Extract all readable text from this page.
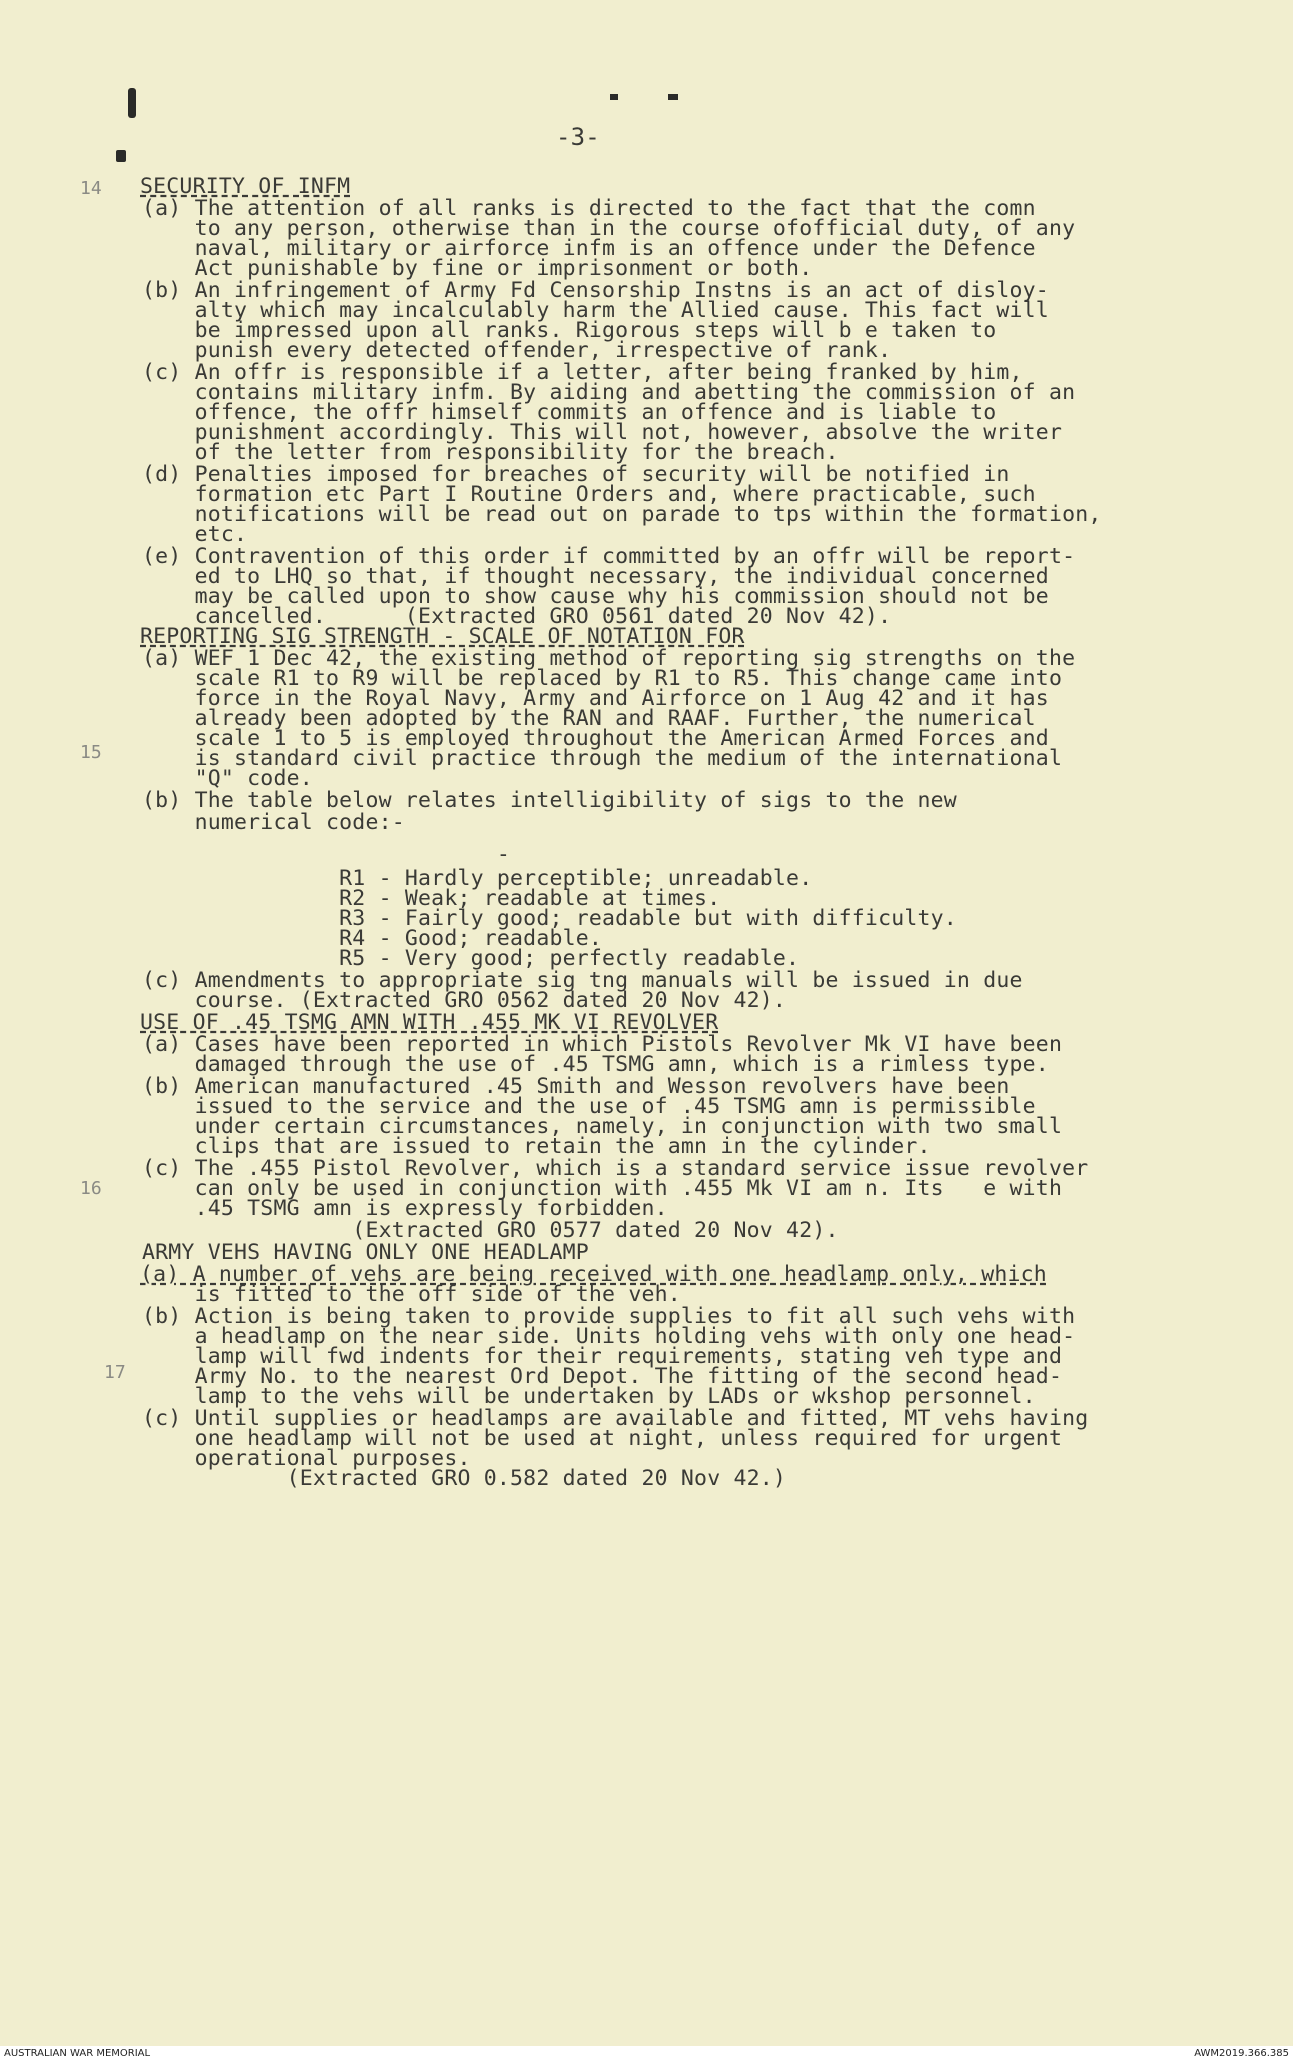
-3-
14
15
16
17
SECURITY OF INFM
(a) The attention of all ranks is directed to the fact that the comn
to any person, otherwise than in the course ofofficial duty, of any
naval, military or airforce infm is an offence under the Defence
Act punishable by fine or imprisonment or both.
(b) An infringement of Army Fd Censorship Instns is an act of disloy-
alty which may incalculably harm the Allied cause. This fact will
be impressed upon all ranks. Rigorous steps will b e taken to
punish every detected offender, irrespective of rank.
(c) An offr is responsible if a letter, after being franked by him,
contains military infm. By aiding and abetting the commission of an
offence, the offr himself commits an offence and is liable to
punishment accordingly. This will not, however, absolve the writer
of the letter from responsibility for the breach.
(d) Penalties imposed for breaches of security will be notified in
formation etc Part I Routine Orders and, where practicable, such
notifications will be read out on parade to tps within the formation,
etc.
(e) Contravention of this order if committed by an offr will be report-
ed to LHQ so that, if thought necessary, the individual concerned
may be called upon to show cause why his commission should not be
cancelled.      (Extracted GRO 0561 dated 20 Nov 42).
REPORTING SIG STRENGTH - SCALE OF NOTATION FOR
(a) WEF 1 Dec 42, the existing method of reporting sig strengths on the
scale R1 to R9 will be replaced by R1 to R5. This change came into
force in the Royal Navy, Army and Airforce on 1 Aug 42 and it has
already been adopted by the RAN and RAAF. Further, the numerical
scale 1 to 5 is employed throughout the American Armed Forces and
is standard civil practice through the medium of the international
"Q" code.
(b) The table below relates intelligibility of sigs to the new
numerical code:-
-
R1 - Hardly perceptible; unreadable.
R2 - Weak; readable at times.
R3 - Fairly good; readable but with difficulty.
R4 - Good; readable.
R5 - Very good; perfectly readable.
(c) Amendments to appropriate sig tng manuals will be issued in due
course. (Extracted GRO 0562 dated 20 Nov 42).
USE OF .45 TSMG AMN WITH .455 MK VI REVOLVER
(a) Cases have been reported in which Pistols Revolver Mk VI have been
damaged through the use of .45 TSMG amn, which is a rimless type.
(b) American manufactured .45 Smith and Wesson revolvers have been
issued to the service and the use of .45 TSMG amn is permissible
under certain circumstances, namely, in conjunction with two small
clips that are issued to retain the amn in the cylinder.
(c) The .455 Pistol Revolver, which is a standard service issue revolver
can only be used in conjunction with .455 Mk VI am n. Its   e with
.45 TSMG amn is expressly forbidden.
(Extracted GRO 0577 dated 20 Nov 42).
ARMY VEHS HAVING ONLY ONE HEADLAMP
(a) A number of vehs are being received with one headlamp only, which
is fitted to the off side of the veh.
(b) Action is being taken to provide supplies to fit all such vehs with
a headlamp on the near side. Units holding vehs with only one head-
lamp will fwd indents for their requirements, stating veh type and
Army No. to the nearest Ord Depot. The fitting of the second head-
lamp to the vehs will be undertaken by LADs or wkshop personnel.
(c) Until supplies or headlamps are available and fitted, MT vehs having
one headlamp will not be used at night, unless required for urgent
operational purposes.
(Extracted GRO 0.582 dated 20 Nov 42.)
AUSTRALIAN WAR MEMORIAL	AWM2019.366.385
